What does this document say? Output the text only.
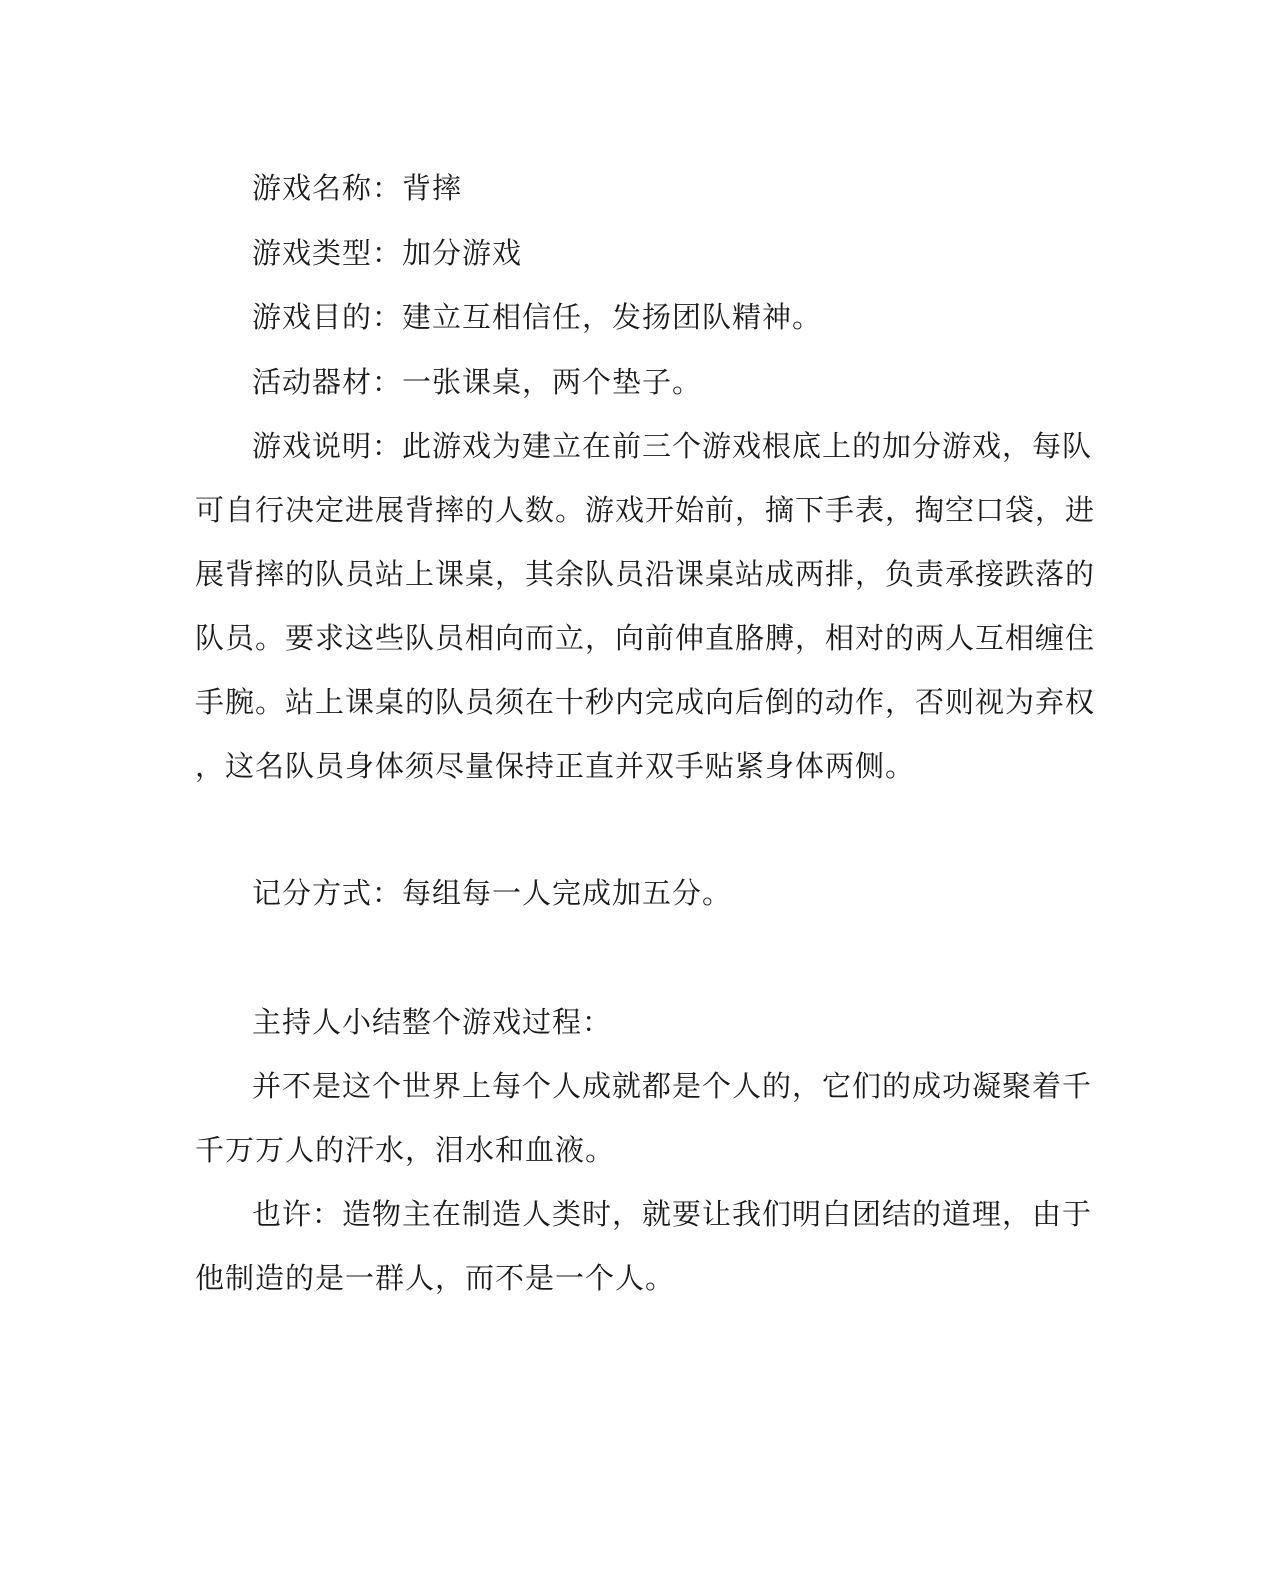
游戏名称：背摔
游戏类型：加分游戏
游戏目的：建立互相信任，发扬团队精神。
活动器材：一张课桌，两个垫子。
游戏说明：此游戏为建立在前三个游戏根底上的加分游戏，每队
可自行决定进展背摔的人数。游戏开始前，摘下手表，掏空口袋，进
展背摔的队员站上课桌，其余队员沿课桌站成两排，负责承接跌落的
队员。要求这些队员相向而立，向前伸直胳膊，相对的两人互相缠住
手腕。站上课桌的队员须在十秒内完成向后倒的动作，否则视为弃权
，这名队员身体须尽量保持正直并双手贴紧身体两侧。
记分方式：每组每一人完成加五分。
主持人小结整个游戏过程：
并不是这个世界上每个人成就都是个人的，它们的成功凝聚着千
千万万人的汗水，泪水和血液。
也许：造物主在制造人类时，就要让我们明白团结的道理，由于
他制造的是一群人，而不是一个人。
